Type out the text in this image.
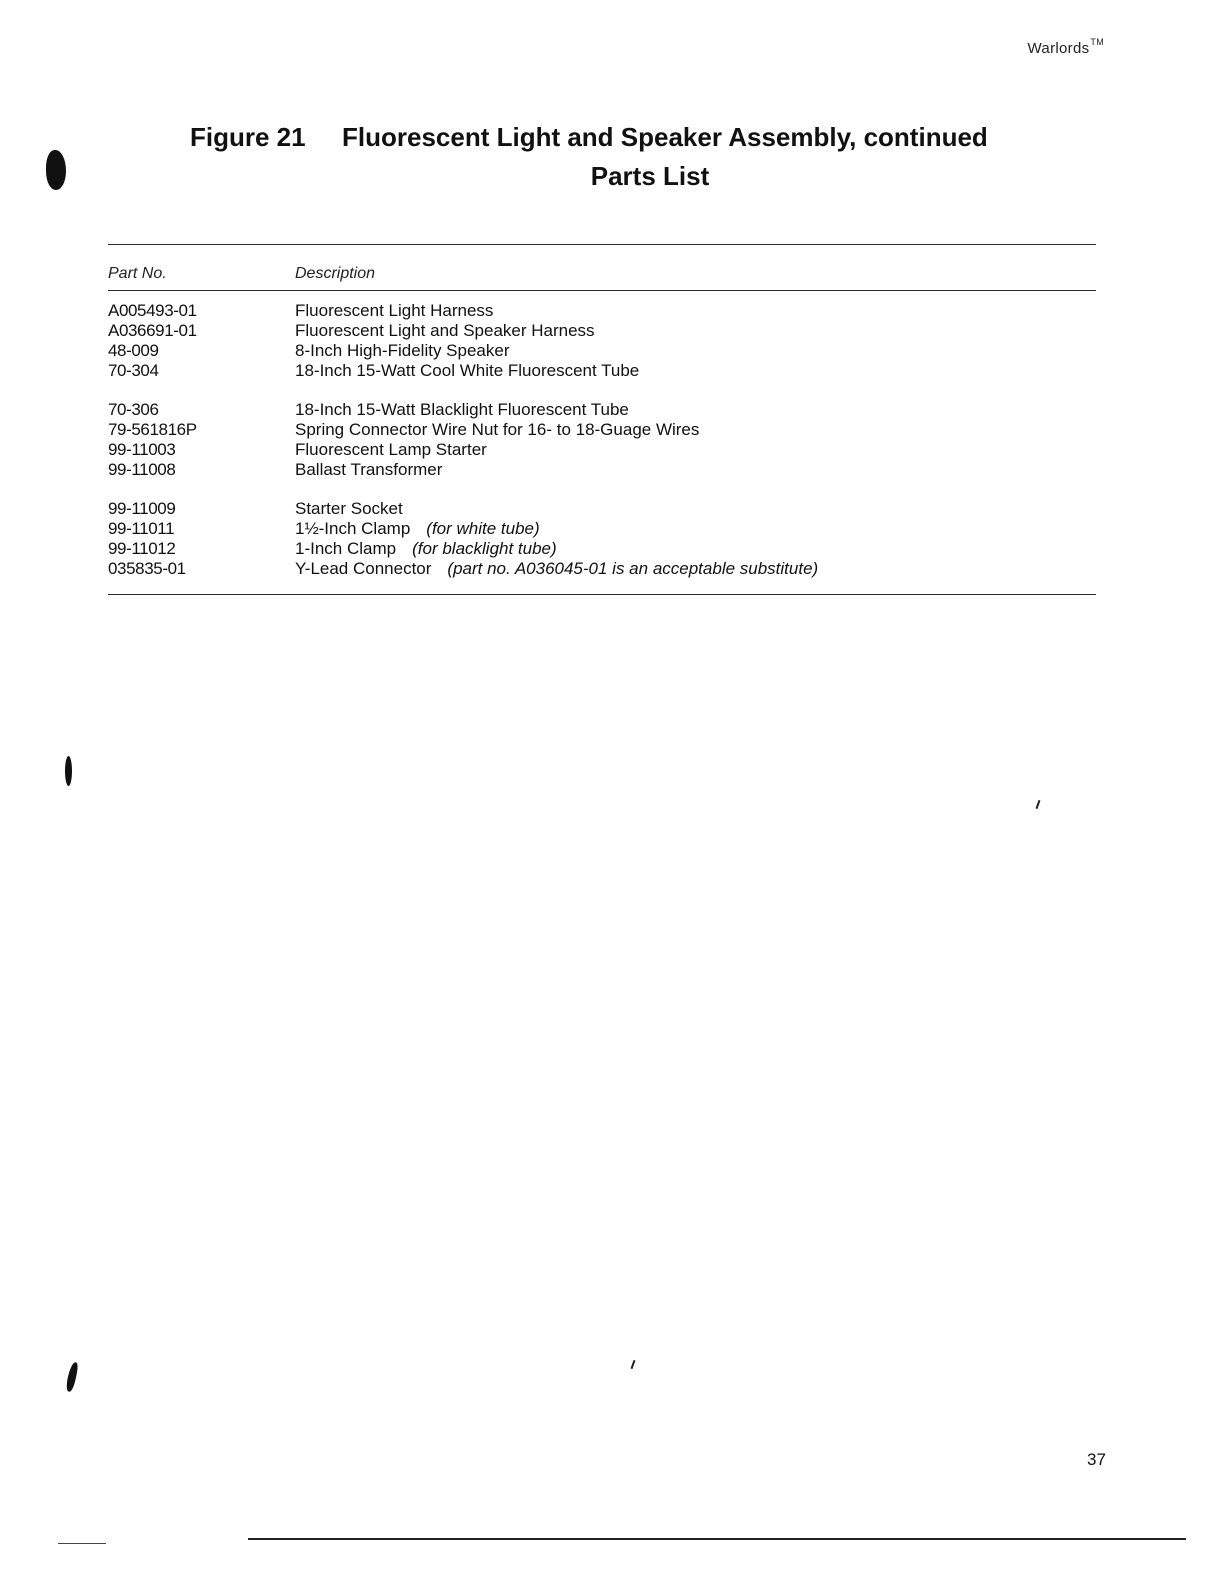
Warlords™
Figure 21	Fluorescent Light and Speaker Assembly, continued
Parts List
Part No.	Description
A005493-01	Fluorescent Light Harness
A036691-01	Fluorescent Light and Speaker Harness
48-009	8-Inch High-Fidelity Speaker
70-304	18-Inch 15-Watt Cool White Fluorescent Tube
70-306	18-Inch 15-Watt Blacklight Fluorescent Tube
79-561816P	Spring Connector Wire Nut for 16- to 18-Guage Wires
99-11003	Fluorescent Lamp Starter
99-11008	Ballast Transformer
99-11009	Starter Socket
99-11011	1½-Inch Clamp (for white tube)
99-11012	1-Inch Clamp (for blacklight tube)
035835-01	Y-Lead Connector (part no. A036045-01 is an acceptable substitute)
37
